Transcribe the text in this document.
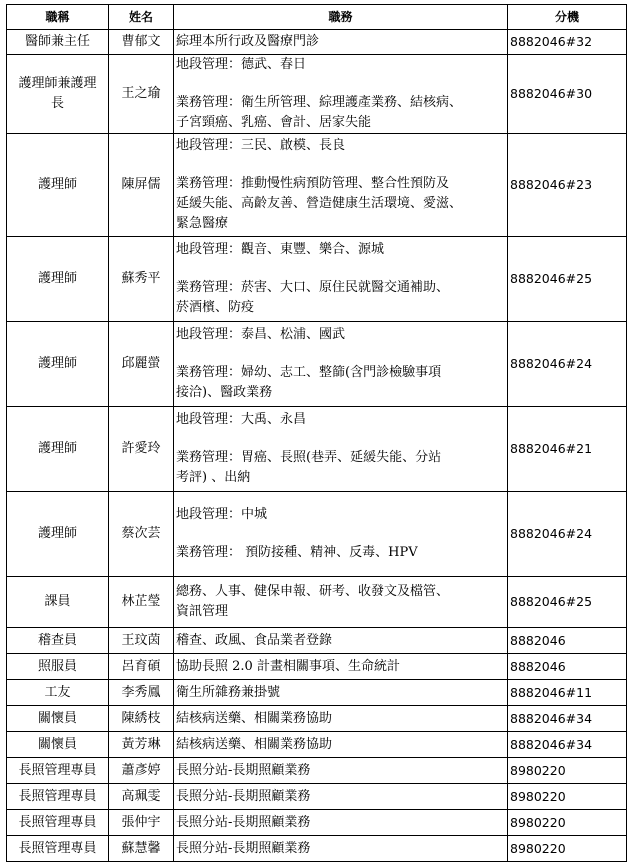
職稱	姓名	職務	分機

醫師兼主任	曹郁文	綜理本所行政及醫療門診	8882046#32

護理師兼護理
長	王之瑜	地段管理：德武、春日
業務管理：衛生所管理、綜理護產業務、結核病、
子宮頸癌、乳癌、會計、居家失能	8882046#30

護理師	陳屏儒	地段管理：三民、啟模、長良
業務管理：推動慢性病預防管理、整合性預防及
延緩失能、高齡友善、營造健康生活環境、愛滋、
緊急醫療	8882046#23

護理師	蘇秀平	地段管理：觀音、東豐、樂合、源城
業務管理：菸害、大口、原住民就醫交通補助、
菸酒檳、防疫	8882046#25

護理師	邱麗螢	地段管理：泰昌、松浦、國武
業務管理：婦幼、志工、整篩(含門診檢驗事項
接洽)、醫政業務	8882046#24

護理師	許愛玲	地段管理：大禹、永昌
業務管理：胃癌、長照(巷弄、延緩失能、分站
考評) 、出納	8882046#21

護理師	蔡次芸	地段管理：中城
業務管理： 預防接種、精神、反毒、HPV	8882046#24

課員	林芷瑩	總務、人事、健保申報、研考、收發文及檔管、
資訊管理	8882046#25

稽查員	王玟茵	稽查、政風、食品業者登錄	8882046

照服員	呂育碩	協助長照 2.0 計畫相關事項、生命統計	8882046

工友	李秀鳳	衛生所雜務兼掛號	8882046#11

關懷員	陳綉枝	結核病送藥、相關業務協助	8882046#34

關懷員	黃芳琳	結核病送藥、相關業務協助	8882046#34

長照管理專員	蕭彥婷	長照分站-長期照顧業務	8980220

長照管理專員	高珮雯	長照分站-長期照顧業務	8980220

長照管理專員	張仲宇	長照分站-長期照顧業務	8980220

長照管理專員	蘇慧馨	長照分站-長期照顧業務	8980220
